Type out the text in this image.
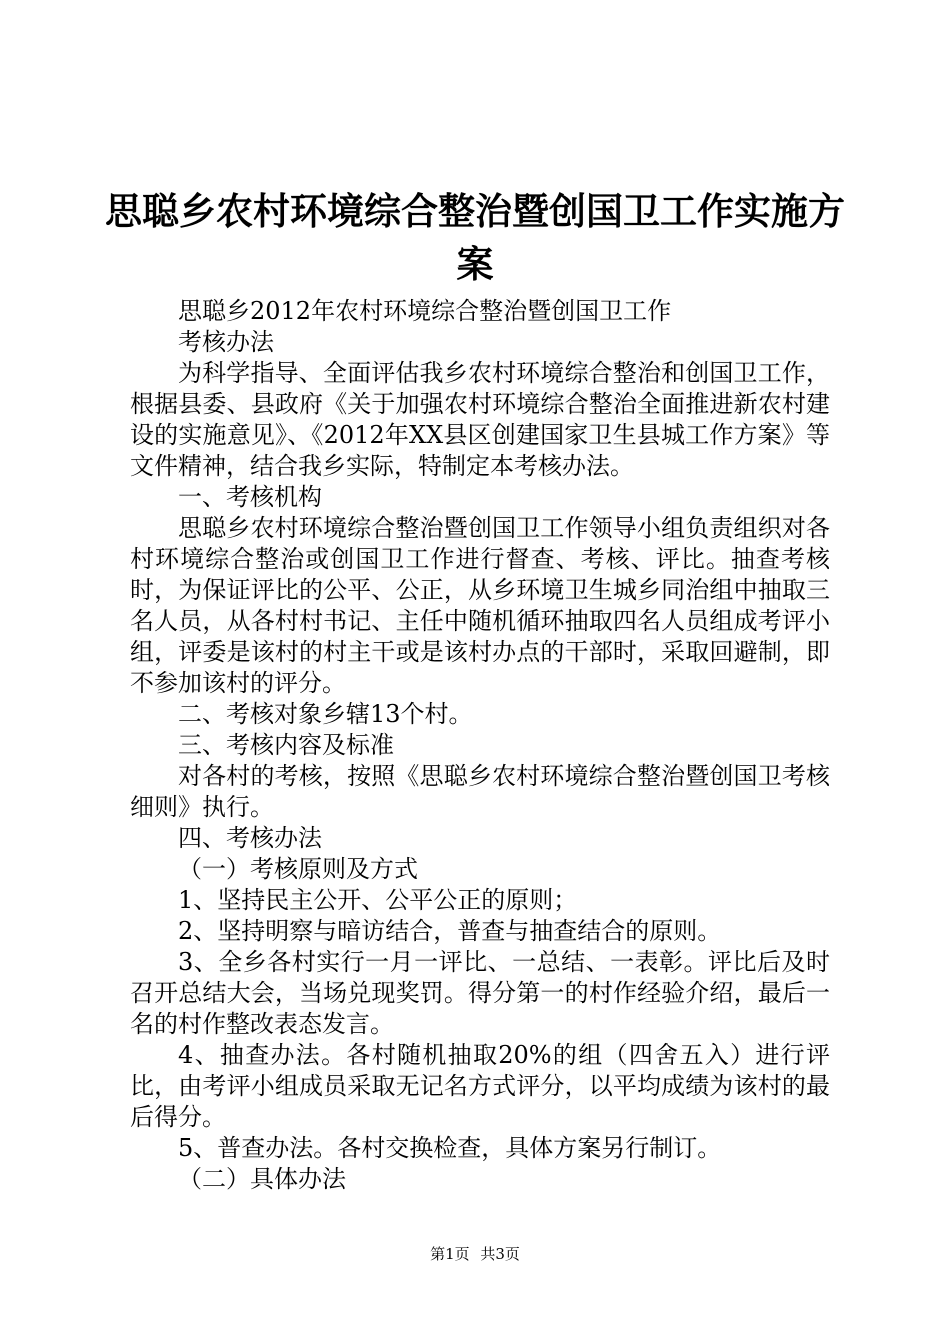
思聪乡农村环境综合整治暨创国卫工作实施方
案

思聪乡2012年农村环境综合整治暨创国卫工作

考核办法

为科学指导、全面评估我乡农村环境综合整治和创国卫工作，根据县委、县政府《关于加强农村环境综合整治全面推进新农村建设的实施意见》、《2012年XX县区创建国家卫生县城工作方案》等文件精神，结合我乡实际，特制定本考核办法。

一、考核机构

思聪乡农村环境综合整治暨创国卫工作领导小组负责组织对各村环境综合整治或创国卫工作进行督查、考核、评比。抽查考核时，为保证评比的公平、公正，从乡环境卫生城乡同治组中抽取三名人员，从各村村书记、主任中随机循环抽取四名人员组成考评小组，评委是该村的村主干或是该村办点的干部时，采取回避制，即不参加该村的评分。

二、考核对象乡辖13个村。

三、考核内容及标准

对各村的考核，按照《思聪乡农村环境综合整治暨创国卫考核细则》执行。

四、考核办法

（一）考核原则及方式

1、坚持民主公开、公平公正的原则；

2、坚持明察与暗访结合，普查与抽查结合的原则。

3、全乡各村实行一月一评比、一总结、一表彰。评比后及时召开总结大会，当场兑现奖罚。得分第一的村作经验介绍，最后一名的村作整改表态发言。

4、抽查办法。各村随机抽取20%的组（四舍五入）进行评比，由考评小组成员采取无记名方式评分，以平均成绩为该村的最后得分。

5、普查办法。各村交换检查，具体方案另行制订。

（二）具体办法

第1页 共3页
